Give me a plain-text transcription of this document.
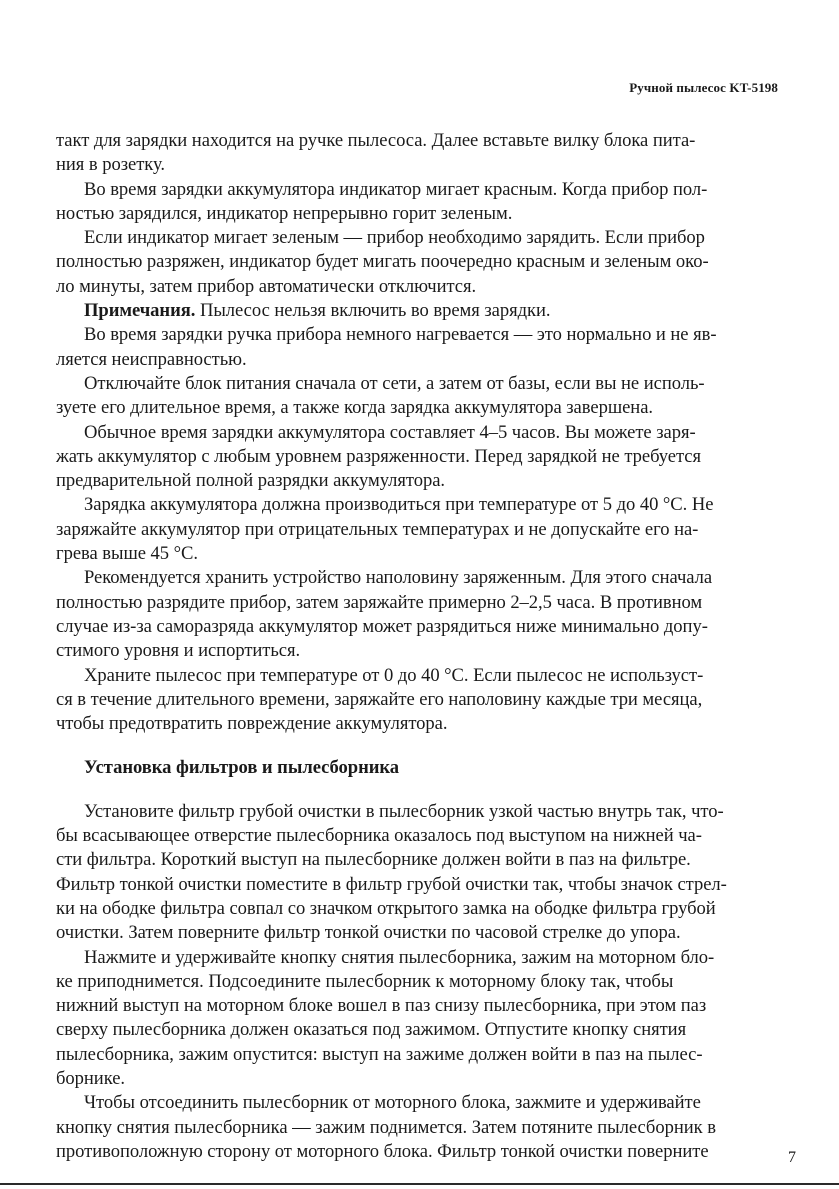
Ручной пылесос KT-5198
такт для зарядки находится на ручке пылесоса. Далее вставьте вилку блока пита-
ния в розетку.
Во время зарядки аккумулятора индикатор мигает красным. Когда прибор пол-
ностью зарядился, индикатор непрерывно горит зеленым.
Если индикатор мигает зеленым — прибор необходимо зарядить. Если прибор
полностью разряжен, индикатор будет мигать поочередно красным и зеленым око-
ло минуты, затем прибор автоматически отключится.
Примечания. Пылесос нельзя включить во время зарядки.
Во время зарядки ручка прибора немного нагревается — это нормально и не яв-
ляется неисправностью.
Отключайте блок питания сначала от сети, а затем от базы, если вы не исполь-
зуете его длительное время, а также когда зарядка аккумулятора завершена.
Обычное время зарядки аккумулятора составляет 4–5 часов. Вы можете заря-
жать аккумулятор с любым уровнем разряженности. Перед зарядкой не требуется
предварительной полной разрядки аккумулятора.
Зарядка аккумулятора должна производиться при температуре от 5 до 40 °С. Не
заряжайте аккумулятор при отрицательных температурах и не допускайте его на-
грева выше 45 °С.
Рекомендуется хранить устройство наполовину заряженным. Для этого сначала
полностью разрядите прибор, затем заряжайте примерно 2–2,5 часа. В противном
случае из-за саморазряда аккумулятор может разрядиться ниже минимально допу-
стимого уровня и испортиться.
Храните пылесос при температуре от 0 до 40 °С. Если пылесос не используст-
ся в течение длительного времени, заряжайте его наполовину каждые три месяца,
чтобы предотвратить повреждение аккумулятора.
Установка фильтров и пылесборника
Установите фильтр грубой очистки в пылесборник узкой частью внутрь так, что-
бы всасывающее отверстие пылесборника оказалось под выступом на нижней ча-
сти фильтра. Короткий выступ на пылесборнике должен войти в паз на фильтре.
Фильтр тонкой очистки поместите в фильтр грубой очистки так, чтобы значок стрел-
ки на ободке фильтра совпал со значком открытого замка на ободке фильтра грубой
очистки. Затем поверните фильтр тонкой очистки по часовой стрелке до упора.
Нажмите и удерживайте кнопку снятия пылесборника, зажим на моторном бло-
ке приподнимется. Подсоедините пылесборник к моторному блоку так, чтобы
нижний выступ на моторном блоке вошел в паз снизу пылесборника, при этом паз
сверху пылесборника должен оказаться под зажимом. Отпустите кнопку снятия
пылесборника, зажим опустится: выступ на зажиме должен войти в паз на пылес-
борнике.
Чтобы отсоединить пылесборник от моторного блока, зажмите и удерживайте
кнопку снятия пылесборника — зажим поднимется. Затем потяните пылесборник в
противоположную сторону от моторного блока. Фильтр тонкой очистки поверните	7
